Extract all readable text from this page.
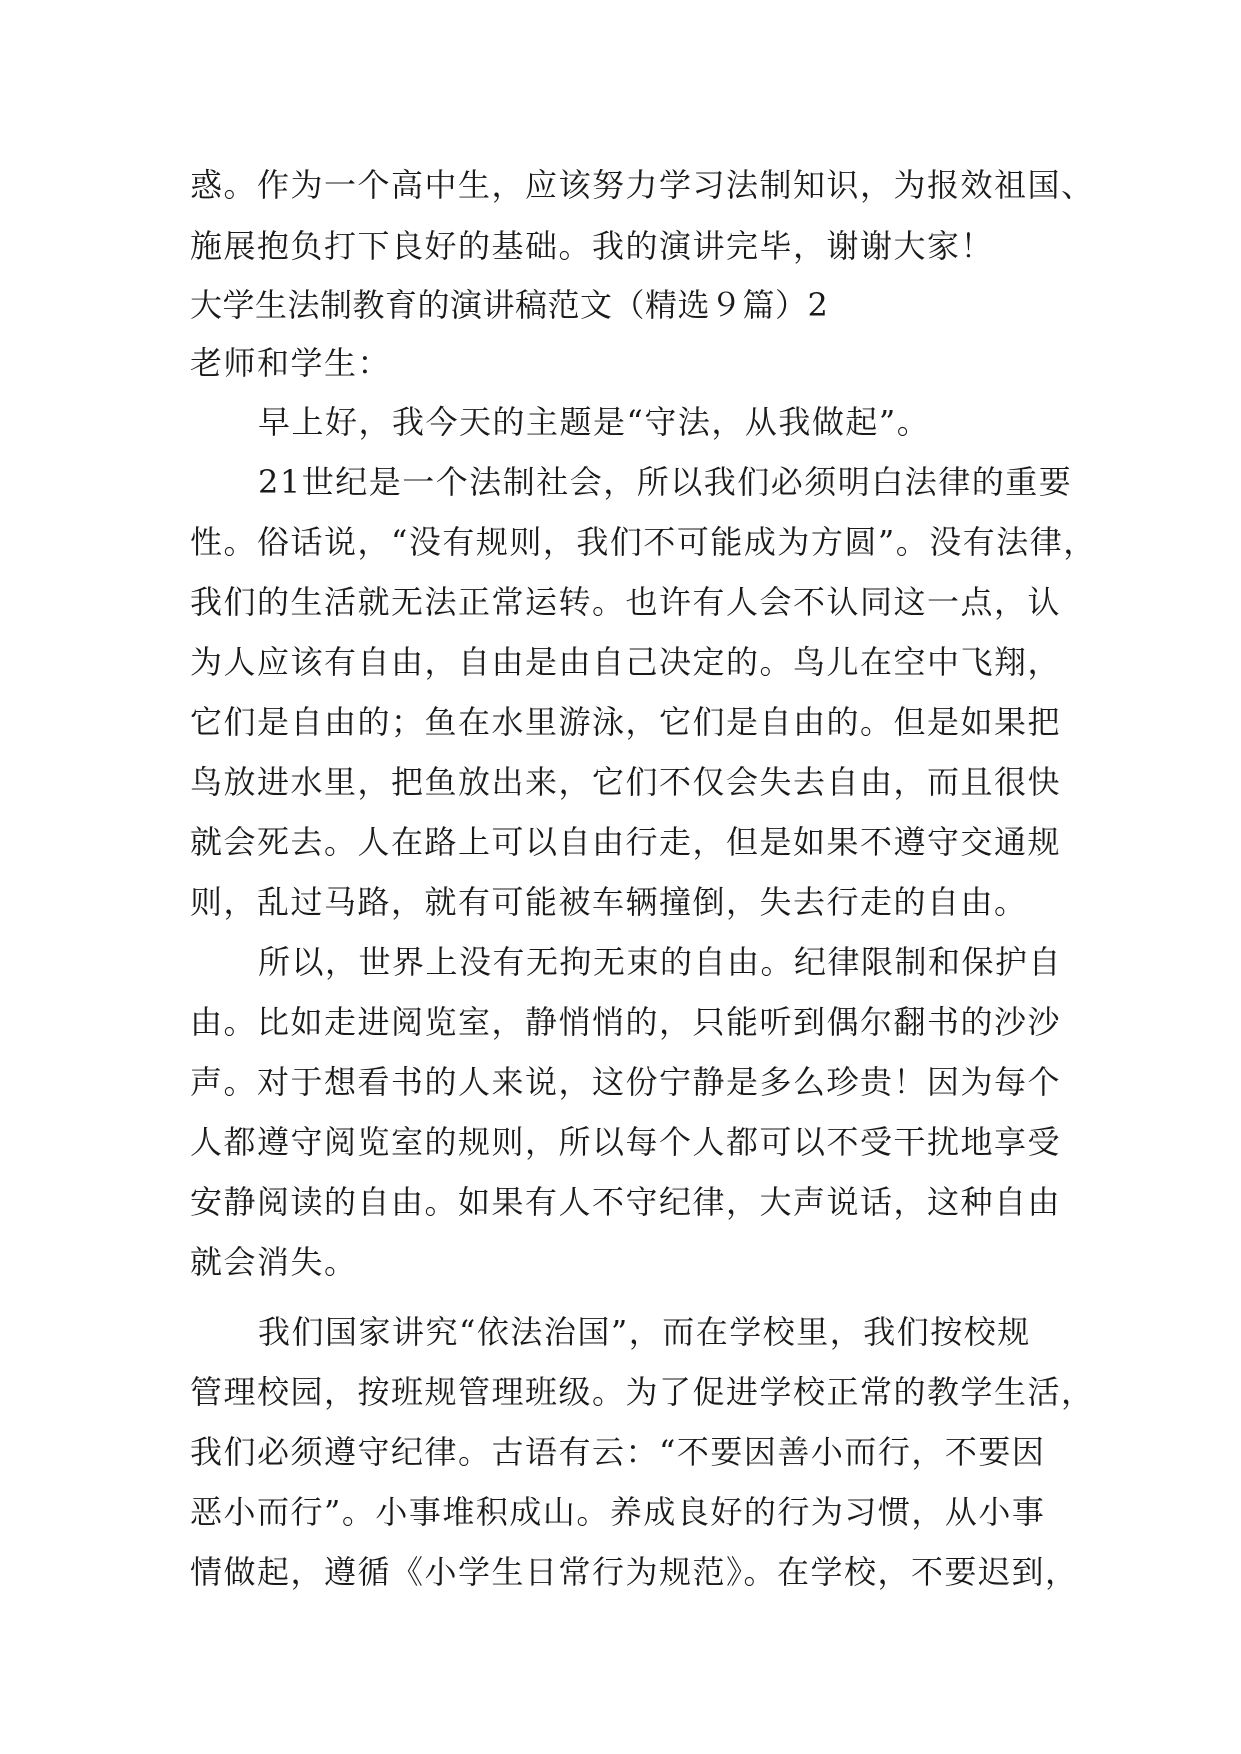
惑。作为一个高中生，应该努力学习法制知识，为报效祖国、
施展抱负打下良好的基础。我的演讲完毕，谢谢大家！
大学生法制教育的演讲稿范文（精选９篇）2
老师和学生：
早上好，我今天的主题是“守法，从我做起”。
21世纪是一个法制社会，所以我们必须明白法律的重要
性。俗话说，“没有规则，我们不可能成为方圆”。没有法律，
我们的生活就无法正常运转。也许有人会不认同这一点，认
为人应该有自由，自由是由自己决定的。鸟儿在空中飞翔，
它们是自由的；鱼在水里游泳，它们是自由的。但是如果把
鸟放进水里，把鱼放出来，它们不仅会失去自由，而且很快
就会死去。人在路上可以自由行走，但是如果不遵守交通规
则，乱过马路，就有可能被车辆撞倒，失去行走的自由。
所以，世界上没有无拘无束的自由。纪律限制和保护自
由。比如走进阅览室，静悄悄的，只能听到偶尔翻书的沙沙
声。对于想看书的人来说，这份宁静是多么珍贵！因为每个
人都遵守阅览室的规则，所以每个人都可以不受干扰地享受
安静阅读的自由。如果有人不守纪律，大声说话，这种自由
就会消失。
我们国家讲究“依法治国”，而在学校里，我们按校规
管理校园，按班规管理班级。为了促进学校正常的教学生活，
我们必须遵守纪律。古语有云：“不要因善小而行，不要因
恶小而行”。小事堆积成山。养成良好的行为习惯，从小事
情做起，遵循《小学生日常行为规范》。在学校，不要迟到，
